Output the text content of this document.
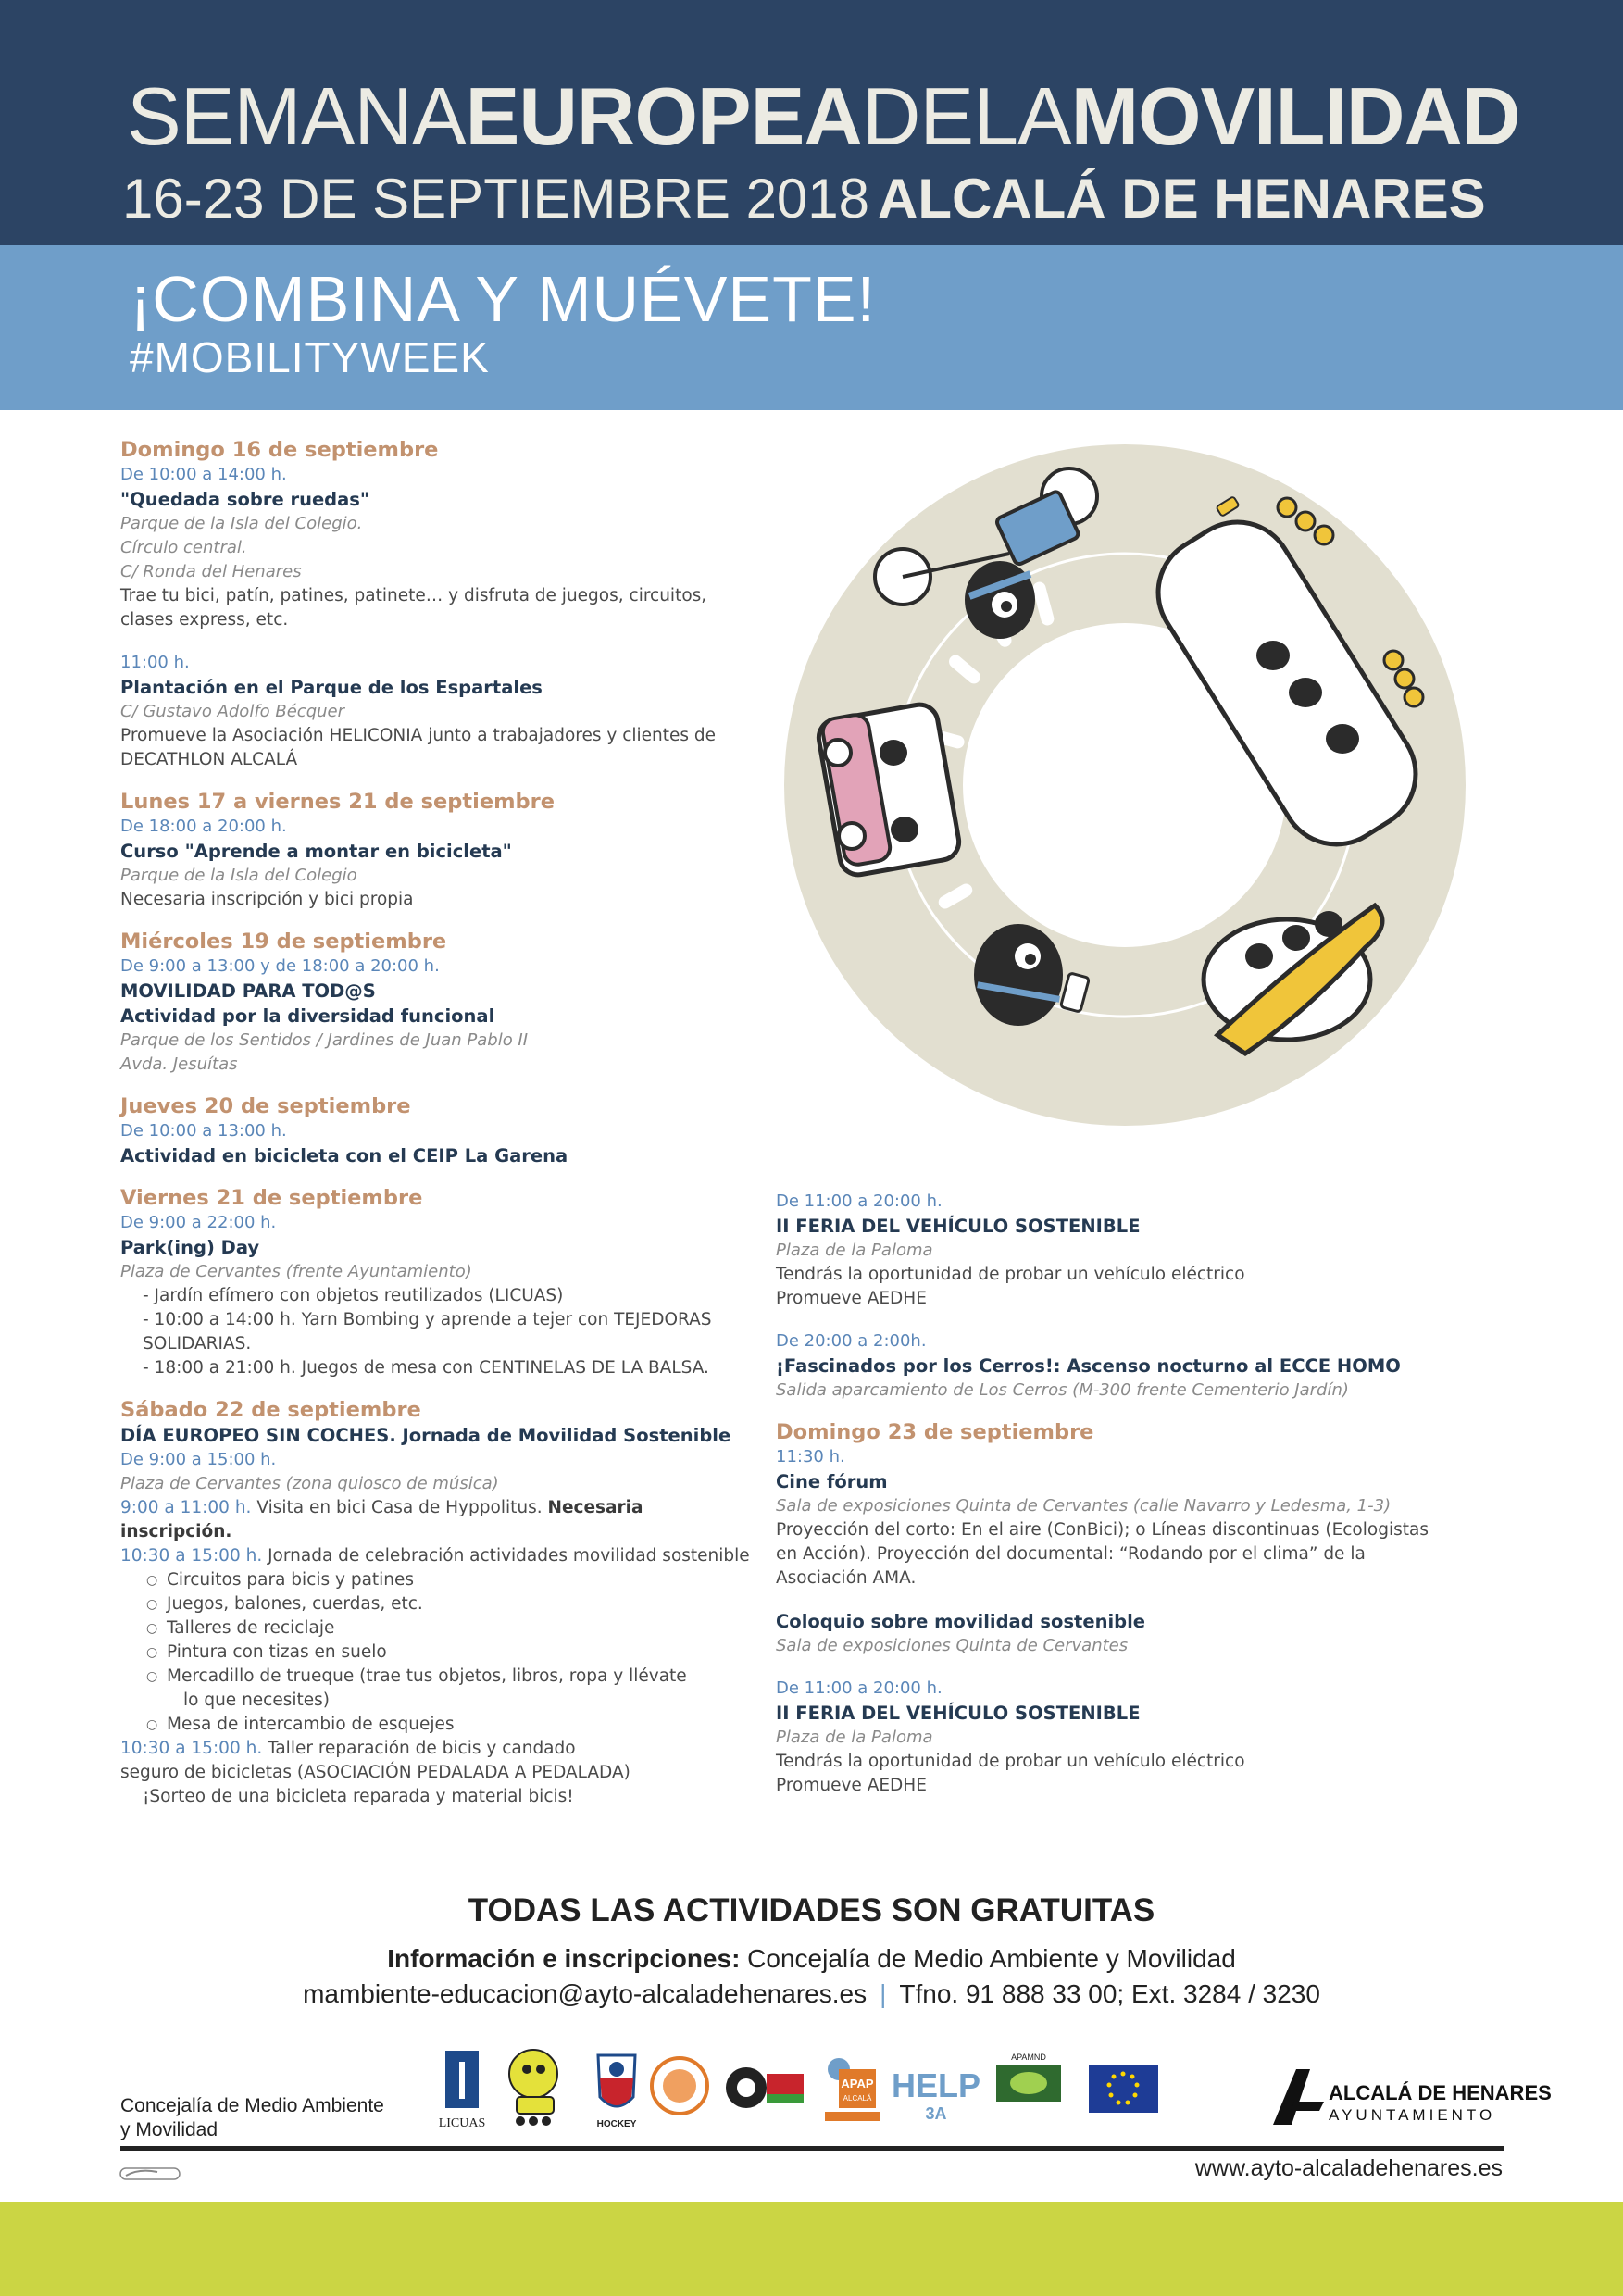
SEMANAEUROPEADELAMOVILIDAD
16-23 DE SEPTIEMBRE 2018 ALCALÁ DE HENARES
¡COMBINA Y MUÉVETE!
#MOBILITYWEEK
Domingo 16 de septiembre
De 10:00 a 14:00 h.
"Quedada sobre ruedas"
Parque de la Isla del Colegio.
Círculo central.
C/ Ronda del Henares
Trae tu bici, patín, patines, patinete… y disfruta de juegos, circuitos, clases express, etc.
11:00 h.
Plantación en el Parque de los Espartales
C/ Gustavo Adolfo Bécquer
Promueve la Asociación HELICONIA junto a trabajadores y clientes de DECATHLON ALCALÁ
Lunes 17 a viernes 21 de septiembre
De 18:00 a 20:00 h.
Curso "Aprende a montar en bicicleta"
Parque de la Isla del Colegio
Necesaria inscripción y bici propia
Miércoles 19 de septiembre
De 9:00 a 13:00 y de 18:00 a 20:00 h.
MOVILIDAD PARA TOD@S
Actividad por la diversidad funcional
Parque de los Sentidos / Jardines de Juan Pablo II
Avda. Jesuítas
Jueves 20 de septiembre
De 10:00 a 13:00 h.
Actividad en bicicleta con el CEIP La Garena
Viernes 21 de septiembre
De 9:00 a 22:00 h.
Park(ing) Day
Plaza de Cervantes (frente Ayuntamiento)
- Jardín efímero con objetos reutilizados (LICUAS)
- 10:00 a 14:00 h. Yarn Bombing y aprende a tejer con TEJEDORAS SOLIDARIAS.
- 18:00 a 21:00 h. Juegos de mesa con CENTINELAS DE LA BALSA.
Sábado 22 de septiembre
DÍA EUROPEO SIN COCHES. Jornada de Movilidad Sostenible
De 9:00 a 15:00 h.
Plaza de Cervantes (zona quiosco de música)
9:00 a 11:00 h. Visita en bici Casa de Hyppolitus. Necesaria inscripción.
10:30 a 15:00 h. Jornada de celebración actividades movilidad sostenible
○ Circuitos para bicis y patines
○ Juegos, balones, cuerdas, etc.
○ Talleres de reciclaje
○ Pintura con tizas en suelo
○ Mercadillo de trueque (trae tus objetos, libros, ropa y llévate
lo que necesites)
○ Mesa de intercambio de esquejes
10:30 a 15:00 h. Taller reparación de bicis y candado
seguro de bicicletas (ASOCIACIÓN PEDALADA A PEDALADA)
¡Sorteo de una bicicleta reparada y material bicis!
De 11:00 a 20:00 h.
II FERIA DEL VEHÍCULO SOSTENIBLE
Plaza de la Paloma
Tendrás la oportunidad de probar un vehículo eléctrico
Promueve AEDHE
De 20:00 a 2:00h.
¡Fascinados por los Cerros!: Ascenso nocturno al ECCE HOMO
Salida aparcamiento de Los Cerros (M-300 frente Cementerio Jardín)
Domingo 23 de septiembre
11:30 h.
Cine fórum
Sala de exposiciones Quinta de Cervantes (calle Navarro y Ledesma, 1-3)
Proyección del corto: En el aire (ConBici); o Líneas discontinuas (Ecologistas en Acción). Proyección del documental: “Rodando por el clima” de la Asociación AMA.
Coloquio sobre movilidad sostenible
Sala de exposiciones Quinta de Cervantes
De 11:00 a 20:00 h.
II FERIA DEL VEHÍCULO SOSTENIBLE
Plaza de la Paloma
Tendrás la oportunidad de probar un vehículo eléctrico
Promueve AEDHE
TODAS LAS ACTIVIDADES SON GRATUITAS
Información e inscripciones: Concejalía de Medio Ambiente y Movilidad
mambiente-educacion@ayto-alcaladehenares.es | Tfno. 91 888 33 00; Ext. 3284 / 3230
Concejalía de Medio Ambiente
y Movilidad	LICUAS	HOCKEY
APAP
ALCALÁ HELP
3A
APAMND
ALCALÁ DE HENARES
AYUNTAMIENTO
www.ayto-alcaladehenares.es
